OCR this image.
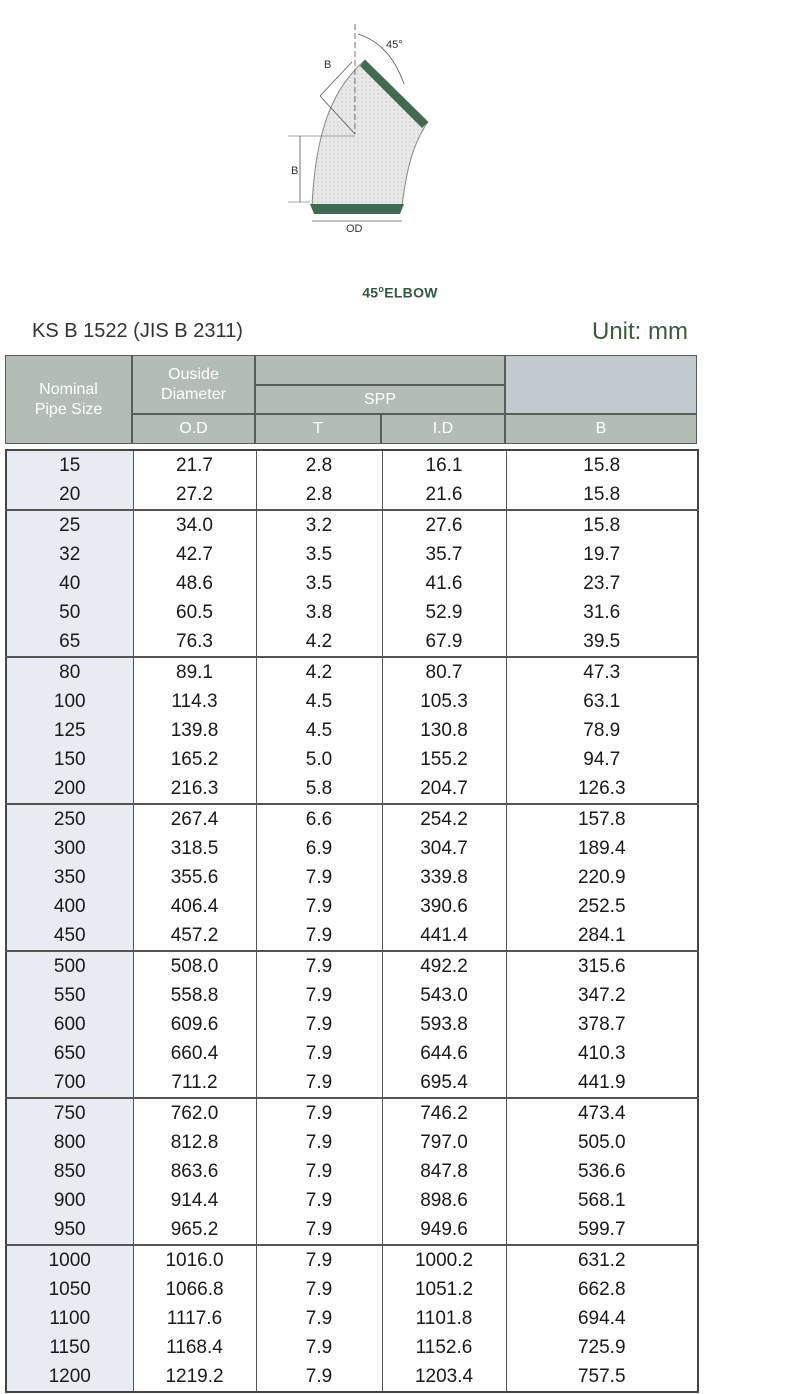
B
B
45°
OD
45$^o$ELBOW
KS B 1522 (JIS B 2311)	Unit: mm
Nominal Pipe Size
Ouside Diameter	SPP
O.D	T	I.D	B
15	21.7	2.8	16.1	15.8
20	27.2	2.8	21.6	15.8
25	34.0	3.2	27.6	15.8
32	42.7	3.5	35.7	19.7
40	48.6	3.5	41.6	23.7
50	60.5	3.8	52.9	31.6
65	76.3	4.2	67.9	39.5
80	89.1	4.2	80.7	47.3
100	114.3	4.5	105.3	63.1
125	139.8	4.5	130.8	78.9
150	165.2	5.0	155.2	94.7
200	216.3	5.8	204.7	126.3
250	267.4	6.6	254.2	157.8
300	318.5	6.9	304.7	189.4
350	355.6	7.9	339.8	220.9
400	406.4	7.9	390.6	252.5
450	457.2	7.9	441.4	284.1
500	508.0	7.9	492.2	315.6
550	558.8	7.9	543.0	347.2
600	609.6	7.9	593.8	378.7
650	660.4	7.9	644.6	410.3
700	711.2	7.9	695.4	441.9
750	762.0	7.9	746.2	473.4
800	812.8	7.9	797.0	505.0
850	863.6	7.9	847.8	536.6
900	914.4	7.9	898.6	568.1
950	965.2	7.9	949.6	599.7
1000	1016.0	7.9	1000.2	631.2
1050	1066.8	7.9	1051.2	662.8
1100	1117.6	7.9	1101.8	694.4
1150	1168.4	7.9	1152.6	725.9
1200	1219.2	7.9	1203.4	757.5
